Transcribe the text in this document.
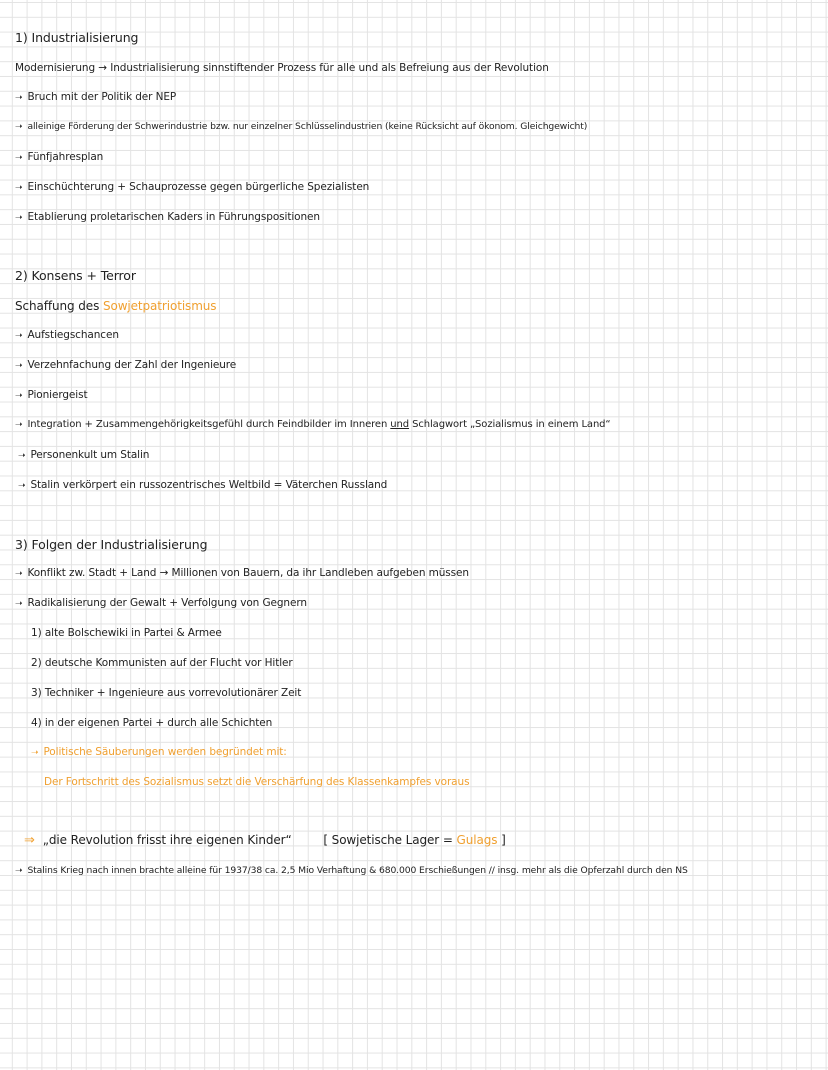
1) Industrialisierung
Modernisierung → Industrialisierung sinnstiftender Prozess für alle und als Befreiung aus der Revolution
➝ Bruch mit der Politik der NEP
➝ alleinige Förderung der Schwerindustrie bzw. nur einzelner Schlüsselindustrien (keine Rücksicht auf ökonom. Gleichgewicht)
➝ Fünfjahresplan
➝ Einschüchterung + Schauprozesse gegen bürgerliche Spezialisten
➝ Etablierung proletarischen Kaders in Führungspositionen
2) Konsens + Terror
Schaffung des Sowjetpatriotismus
➝ Aufstiegschancen
➝ Verzehnfachung der Zahl der Ingenieure
➝ Pioniergeist
➝ Integration + Zusammengehörigkeitsgefühl durch Feindbilder im Inneren und Schlagwort „Sozialismus in einem Land“
➝ Personenkult um Stalin
➝ Stalin verkörpert ein russozentrisches Weltbild = Väterchen Russland
3) Folgen der Industrialisierung
➝ Konflikt zw. Stadt + Land → Millionen von Bauern, da ihr Landleben aufgeben müssen
➝ Radikalisierung der Gewalt + Verfolgung von Gegnern
1) alte Bolschewiki in Partei & Armee
2) deutsche Kommunisten auf der Flucht vor Hitler
3) Techniker + Ingenieure aus vorrevolutionärer Zeit
4) in der eigenen Partei + durch alle Schichten
➝ Politische Säuberungen werden begründet mit:
Der Fortschritt des Sozialismus setzt die Verschärfung des Klassenkampfes voraus
⇒ „die Revolution frisst ihre eigenen Kinder“	[ Sowjetische Lager = Gulags ]
➝ Stalins Krieg nach innen brachte alleine für 1937/38 ca. 2,5 Mio Verhaftung & 680.000 Erschießungen // insg. mehr als die Opferzahl durch den NS
